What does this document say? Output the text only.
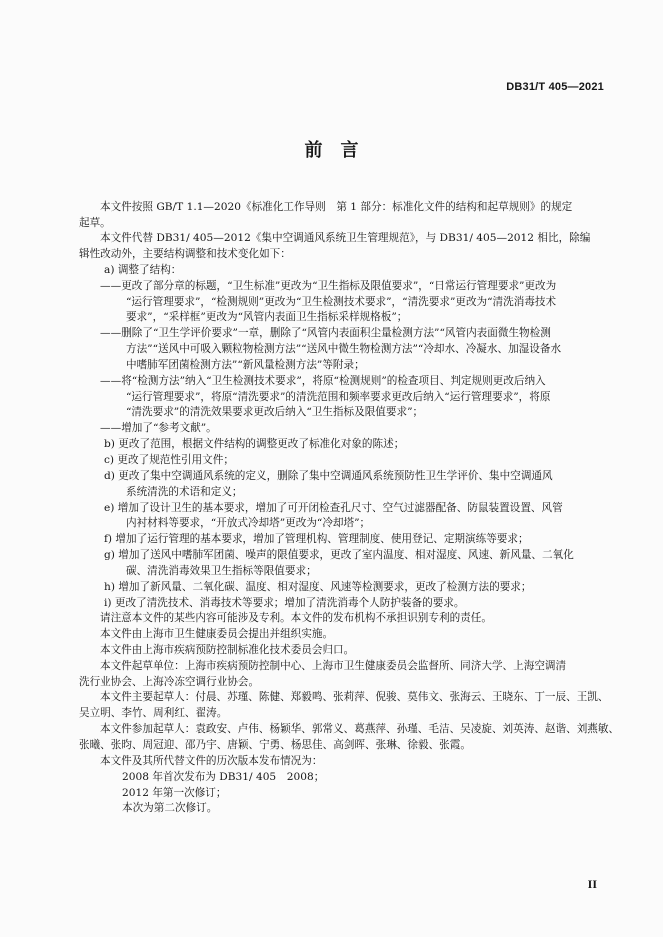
DB31/T 405—2021
前　言
本文件按照 GB/T 1.1—2020《标准化工作导则　第 1 部分：标准化文件的结构和起草规则》的规定
起草。
本文件代替 DB31/ 405—2012《集中空调通风系统卫生管理规范》，与 DB31/ 405—2012 相比，除编
辑性改动外，主要结构调整和技术变化如下：
a) 调整了结构：
——更改了部分章的标题，“卫生标准”更改为“卫生指标及限值要求”，“日常运行管理要求”更改为
“运行管理要求”，“检测规则”更改为“卫生检测技术要求”，“清洗要求”更改为“清洗消毒技术
要求”，“采样框”更改为“风管内表面卫生指标采样规格板”；
——删除了“卫生学评价要求”一章，删除了“风管内表面积尘量检测方法”“风管内表面微生物检测
方法”“送风中可吸入颗粒物检测方法”“送风中微生物检测方法”“冷却水、冷凝水、加湿设备水
中嗜肺军团菌检测方法”“新风量检测方法”等附录；
——将“检测方法”纳入“卫生检测技术要求”，将原“检测规则”的检查项目、判定规则更改后纳入
“运行管理要求”，将原“清洗要求”的清洗范围和频率要求更改后纳入“运行管理要求”，将原
“清洗要求”的清洗效果要求更改后纳入“卫生指标及限值要求”；
——增加了“参考文献”。
b) 更改了范围，根据文件结构的调整更改了标准化对象的陈述；
c) 更改了规范性引用文件；
d) 更改了集中空调通风系统的定义，删除了集中空调通风系统预防性卫生学评价、集中空调通风
系统清洗的术语和定义；
e) 增加了设计卫生的基本要求，增加了可开闭检查孔尺寸、空气过滤器配备、防鼠装置设置、风管
内衬材料等要求，“开放式冷却塔”更改为“冷却塔”；
f) 增加了运行管理的基本要求，增加了管理机构、管理制度、使用登记、定期演练等要求；
g) 增加了送风中嗜肺军团菌、噪声的限值要求，更改了室内温度、相对湿度、风速、新风量、二氧化
碳、清洗消毒效果卫生指标等限值要求；
h) 增加了新风量、二氧化碳、温度、相对湿度、风速等检测要求，更改了检测方法的要求；
i) 更改了清洗技术、消毒技术等要求；增加了清洗消毒个人防护装备的要求。
请注意本文件的某些内容可能涉及专利。本文件的发布机构不承担识别专利的责任。
本文件由上海市卫生健康委员会提出并组织实施。
本文件由上海市疾病预防控制标准化技术委员会归口。
本文件起草单位：上海市疾病预防控制中心、上海市卫生健康委员会监督所、同济大学、上海空调清
洗行业协会、上海冷冻空调行业协会。
本文件主要起草人：付晨、苏瑾、陈健、郑毅鸣、张莉萍、倪骏、莫伟文、张海云、王晓东、丁一辰、王凯、
吴立明、李竹、周利红、翟涛。
本文件参加起草人：袁政安、卢伟、杨颖华、郭常义、葛燕萍、孙瑾、毛洁、吴凌旋、刘英涛、赵谐、刘燕敏、
张曦、张昀、周冠迎、邵乃宇、唐颖、宁勇、杨思佳、高剑晖、张琳、徐毅、张霞。
本文件及其所代替文件的历次版本发布情况为：
2008 年首次发布为 DB31/ 405　2008；
2012 年第一次修订；
本次为第二次修订。
II
